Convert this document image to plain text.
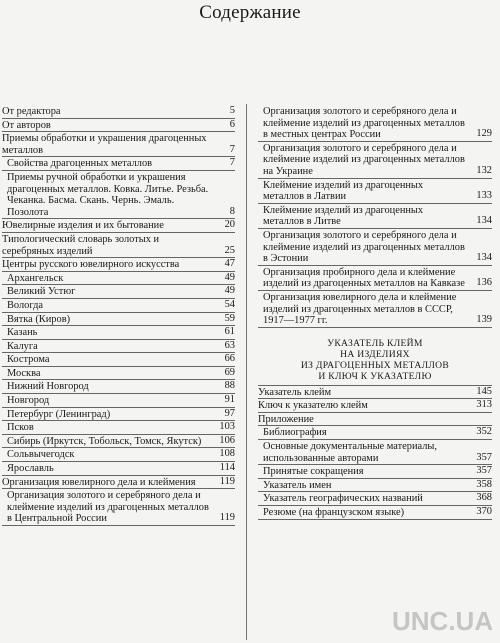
Содержание
От редактора	5
От авторов	6
Приемы обработки и украшения драгоценных металлов	7
Свойства драгоценных металлов	7
Приемы ручной обработки и украшения драгоценных металлов. Ковка. Литье. Резьба. Чеканка. Басма. Скань. Чернь. Эмаль. Позолота	8
Ювелирные изделия и их бытование	20
Типологический словарь золотых и серебряных изделий	25
Центры русского ювелирного искусства	47
Архангельск	49
Великий Устюг	49
Вологда	54
Вятка (Киров)	59
Казань	61
Калуга	63
Кострома	66
Москва	69
Нижний Новгород	88
Новгород	91
Петербург (Ленинград)	97
Псков	103
Сибирь (Иркутск, Тобольск, Томск, Якутск)	106
Сольвычегодск	108
Ярославль	114
Организация ювелирного дела и клеймения	119
Организация золотого и серебряного дела и клеймение изделий из драгоценных металлов в Центральной России	119
Организация золотого и серебряного дела и клеймение изделий из драгоценных металлов в местных центрах России	129
Организация золотого и серебряного дела и клеймение изделий из драгоценных металлов на Украине	132
Клеймение изделий из драгоценных металлов в Латвии	133
Клеймение изделий из драгоценных металлов в Литве	134
Организация золотого и серебряного дела и клеймение изделий из драгоценных металлов в Эстонии	134
Организация пробирного дела и клеймение изделий из драгоценных металлов на Кавказе	136
Организация ювелирного дела и клеймение изделий из драгоценных металлов в СССР, 1917—1977 гг.	139
УКАЗАТЕЛЬ КЛЕЙМ
НА ИЗДЕЛИЯХ
ИЗ ДРАГОЦЕННЫХ МЕТАЛЛОВ
И КЛЮЧ К УКАЗАТЕЛЮ
Указатель клейм	145
Ключ к указателю клейм	313
Приложение
Библиография	352
Основные документальные материалы, использованные авторами	357
Принятые сокращения	357
Указатель имен	358
Указатель географических названий	368
Резюме (на французском языке)	370
UNC.UA
